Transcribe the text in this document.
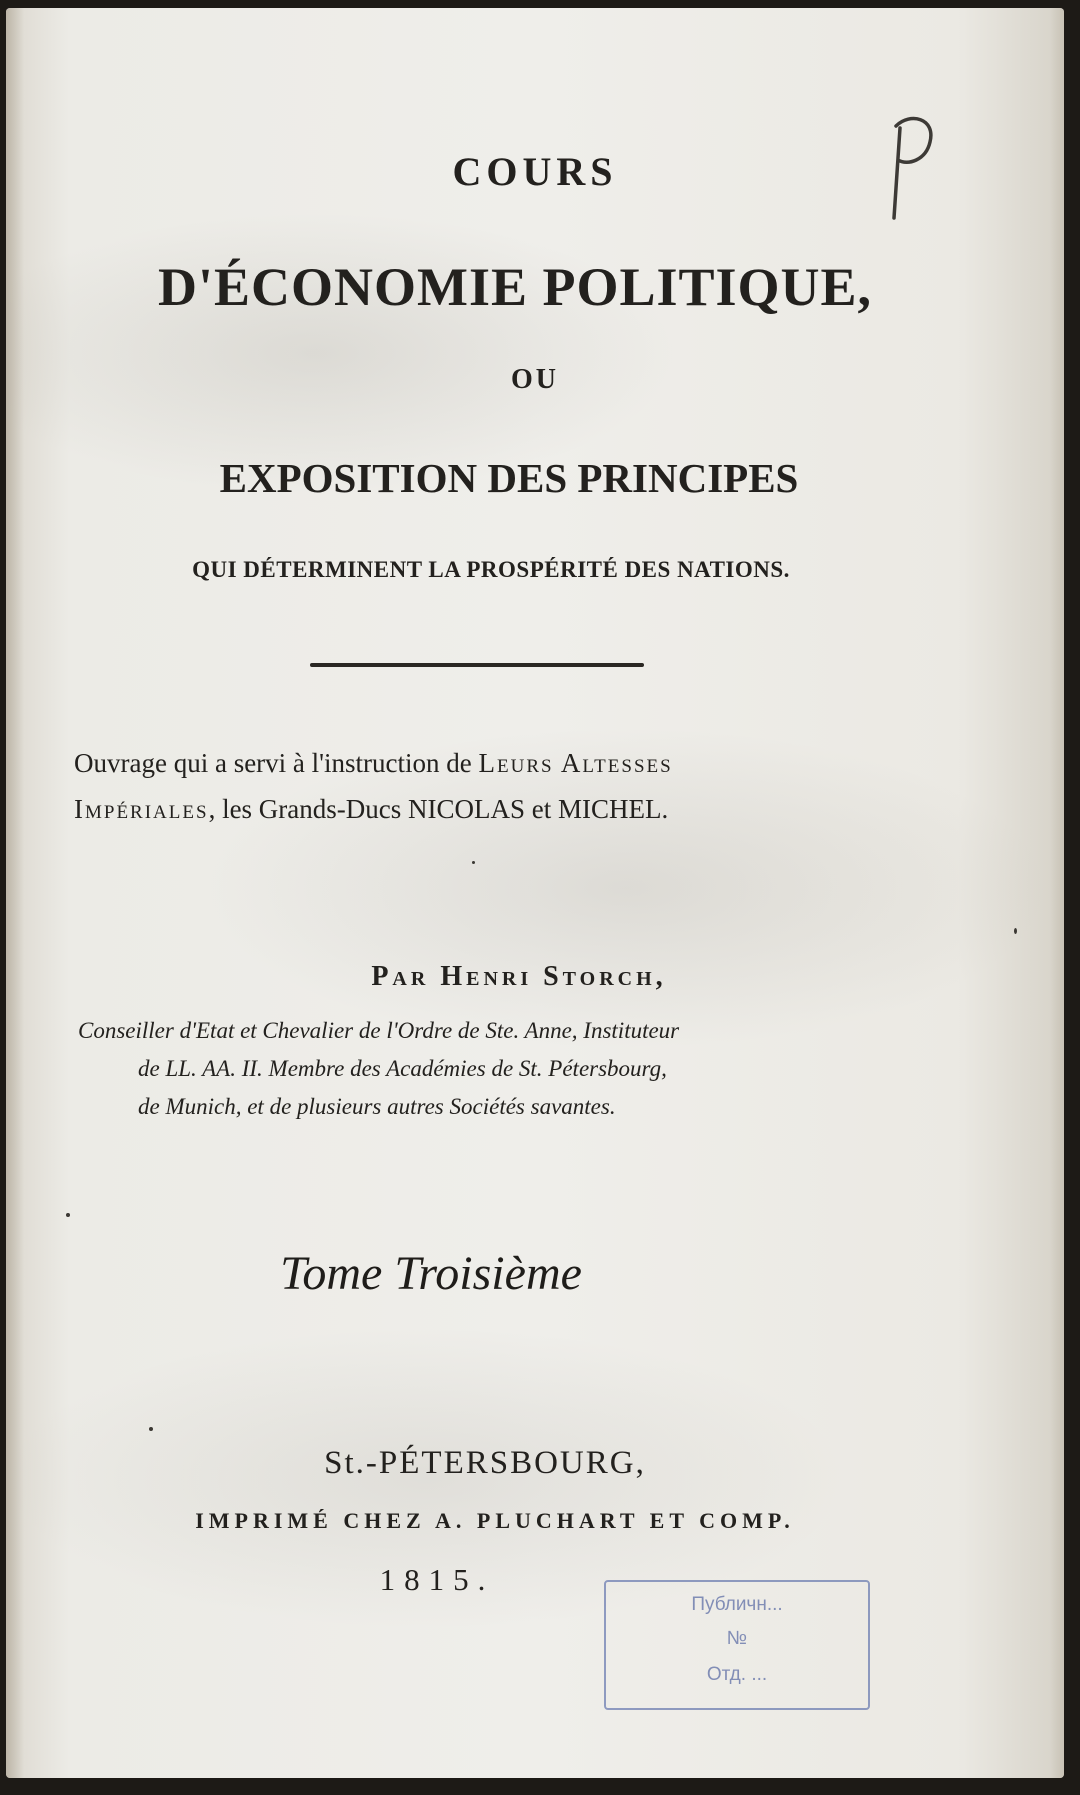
COURS
D'ÉCONOMIE POLITIQUE,
OU
EXPOSITION DES PRINCIPES
QUI DÉTERMINENT LA PROSPÉRITÉ DES NATIONS.
Ouvrage qui a servi à l'instruction de Leurs Altesses
Impériales, les Grands-Ducs NICOLAS et MICHEL.
Par Henri Storch,
Conseiller d'Etat et Chevalier de l'Ordre de Ste. Anne, Instituteur
de LL. AA. II. Membre des Académies de St. Pétersbourg,
de Munich, et de plusieurs autres Sociétés savantes.
Tome Troisième
St.-PÉTERSBOURG,
IMPRIMÉ CHEZ A. PLUCHART ET COMP.
1815.
Публичн...
№
Отд. ...
